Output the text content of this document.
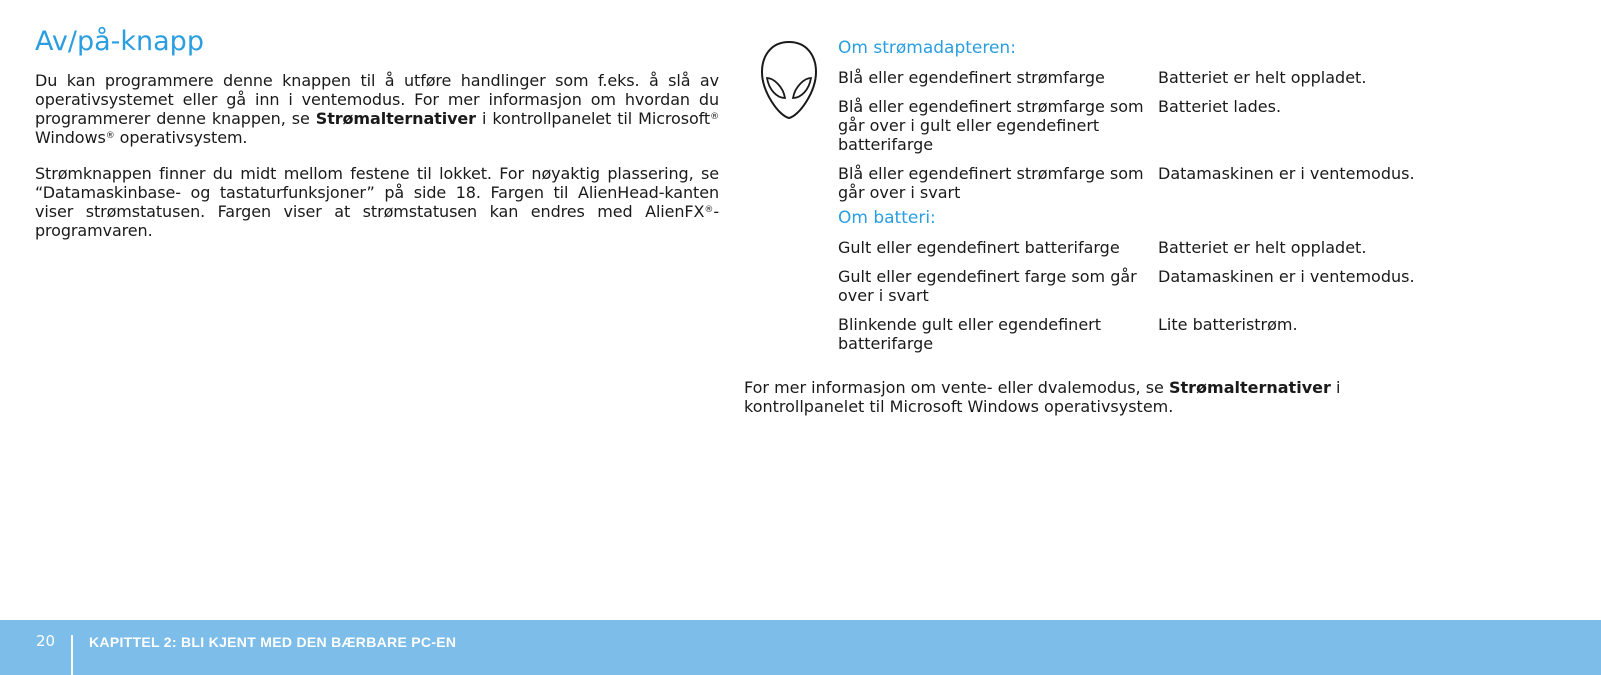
Av/på-knapp

Du kan programmere denne knappen til å utføre handlinger som f.eks. å slå av operativsystemet eller gå inn i ventemodus. For mer informasjon om hvordan du programmerer denne knappen, se Strømalternativer i kontrollpanelet til Microsoft® Windows® operativsystem.

Strømknappen finner du midt mellom festene til lokket. For nøyaktig plassering, se “Datamaskinbase- og tastaturfunksjoner” på side 18. Fargen til AlienHead-kanten viser strømstatusen. Fargen viser at strømstatusen kan endres med AlienFX®-programvaren.

Om strømadapteren:
Blå eller egendefinert strømfarge	Batteriet er helt oppladet.
Blå eller egendefinert strømfarge som går over i gult eller egendefinert batterifarge
Batteriet lades.
Blå eller egendefinert strømfarge som går over i svart
Datamaskinen er i ventemodus.
Om batteri:
Gult eller egendefinert batterifarge	Batteriet er helt oppladet.
Gult eller egendefinert farge som går over i svart
Datamaskinen er i ventemodus.
Blinkende gult eller egendefinert batterifarge
Lite batteristrøm.
For mer informasjon om vente- eller dvalemodus, se Strømalternativer i kontrollpanelet til Microsoft Windows operativsystem.
20 KAPITTEL 2: BLI KJENT MED DEN BÆRBARE PC-EN
